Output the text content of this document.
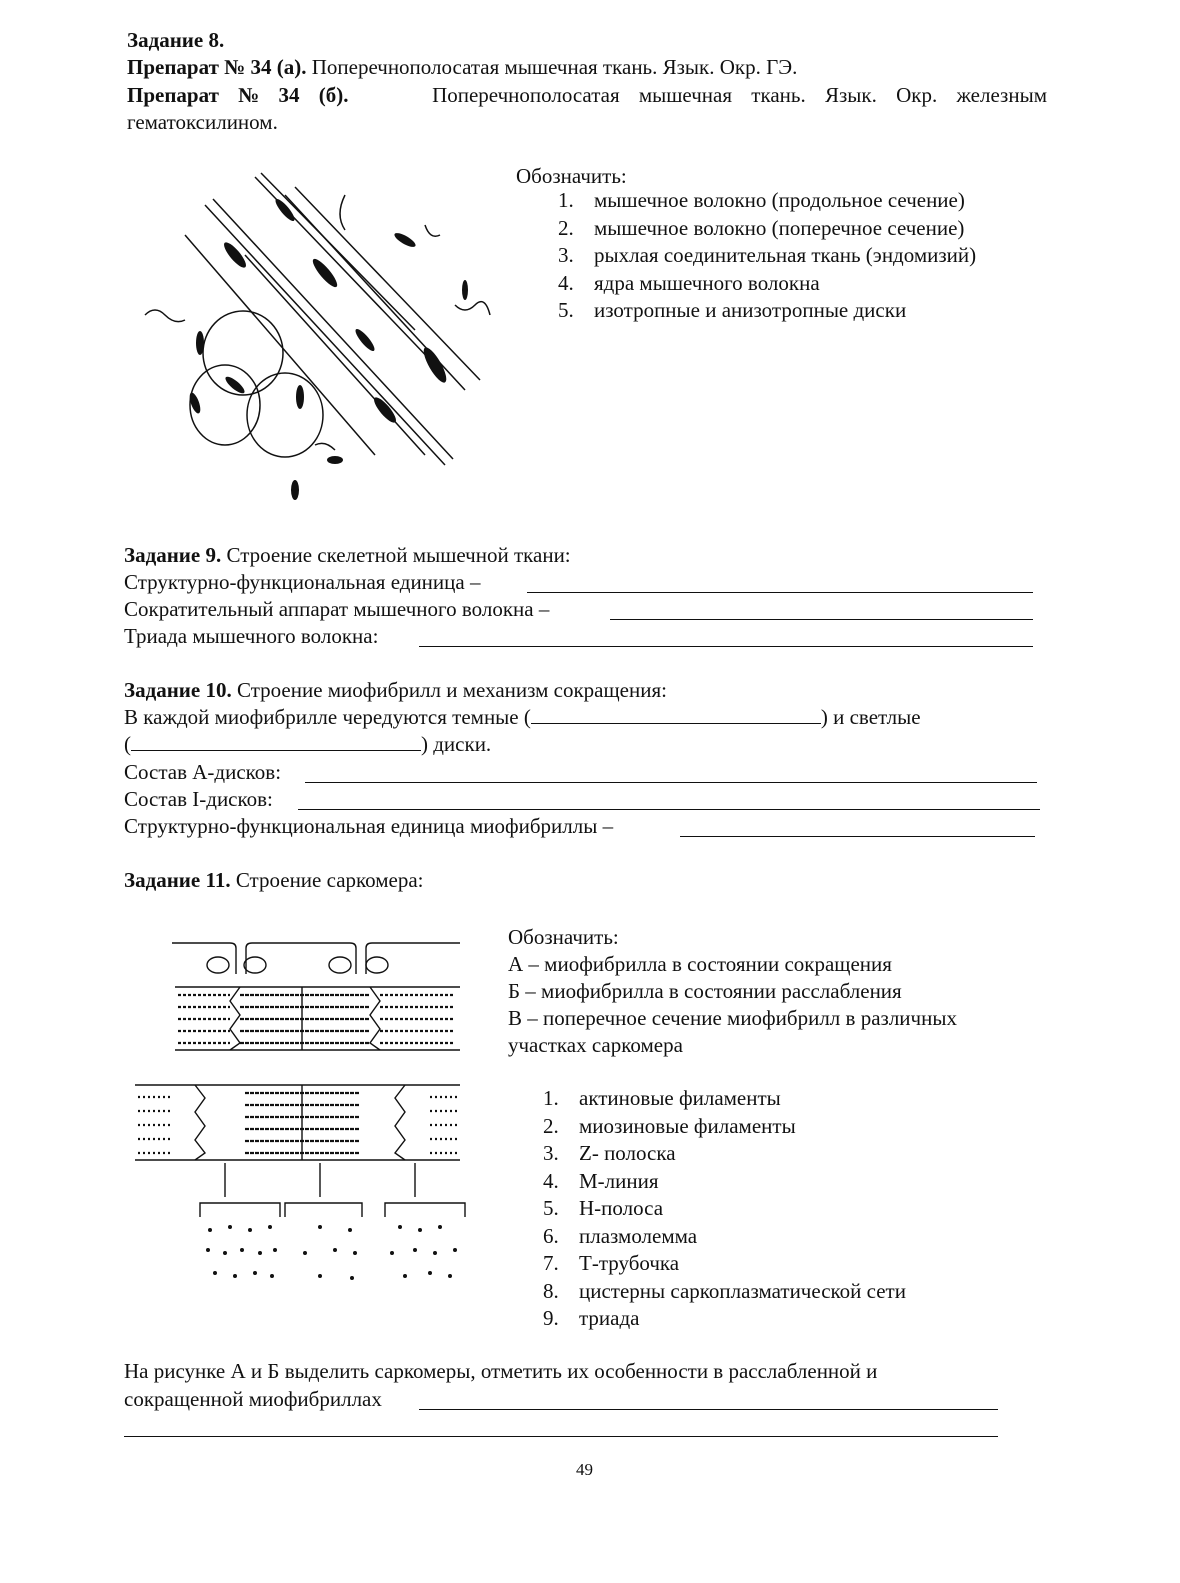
Задание 8.
Препарат № 34 (а). Поперечнополосатая мышечная ткань. Язык. Окр. ГЭ.
Препарат № 34 (б).	Поперечнополосатая мышечная ткань. Язык. Окр. железным
гематоксилином.
Обозначить:
1. мышечное волокно (продольное сечение)
2. мышечное волокно (поперечное сечение)
3. рыхлая соединительная ткань (эндомизий)
4. ядра мышечного волокна
5. изотропные и анизотропные диски
Задание 9. Строение скелетной мышечной ткани:
Структурно-функциональная единица –
Сократительный аппарат мышечного волокна –
Триада мышечного волокна:
Задание 10. Строение миофибрилл и механизм сокращения:
В каждой миофибрилле чередуются темные (	) и светлые
(	) диски.
Состав А-дисков:
Состав I-дисков:
Структурно-функциональная единица миофибриллы –
Задание 11. Строение саркомера:
Обозначить:
А – миофибрилла в состоянии сокращения
Б – миофибрилла в состоянии расслабления
В – поперечное сечение миофибрилл в различных
участках саркомера
1. актиновые филаменты
2. миозиновые филаменты
3. Z- полоска
4. М-линия
5. Н-полоса
6. плазмолемма
7. Т-трубочка
8. цистерны саркоплазматической сети
9. триада
На рисунке А и Б выделить саркомеры, отметить их особенности в расслабленной и
сокращенной миофибриллах
49
